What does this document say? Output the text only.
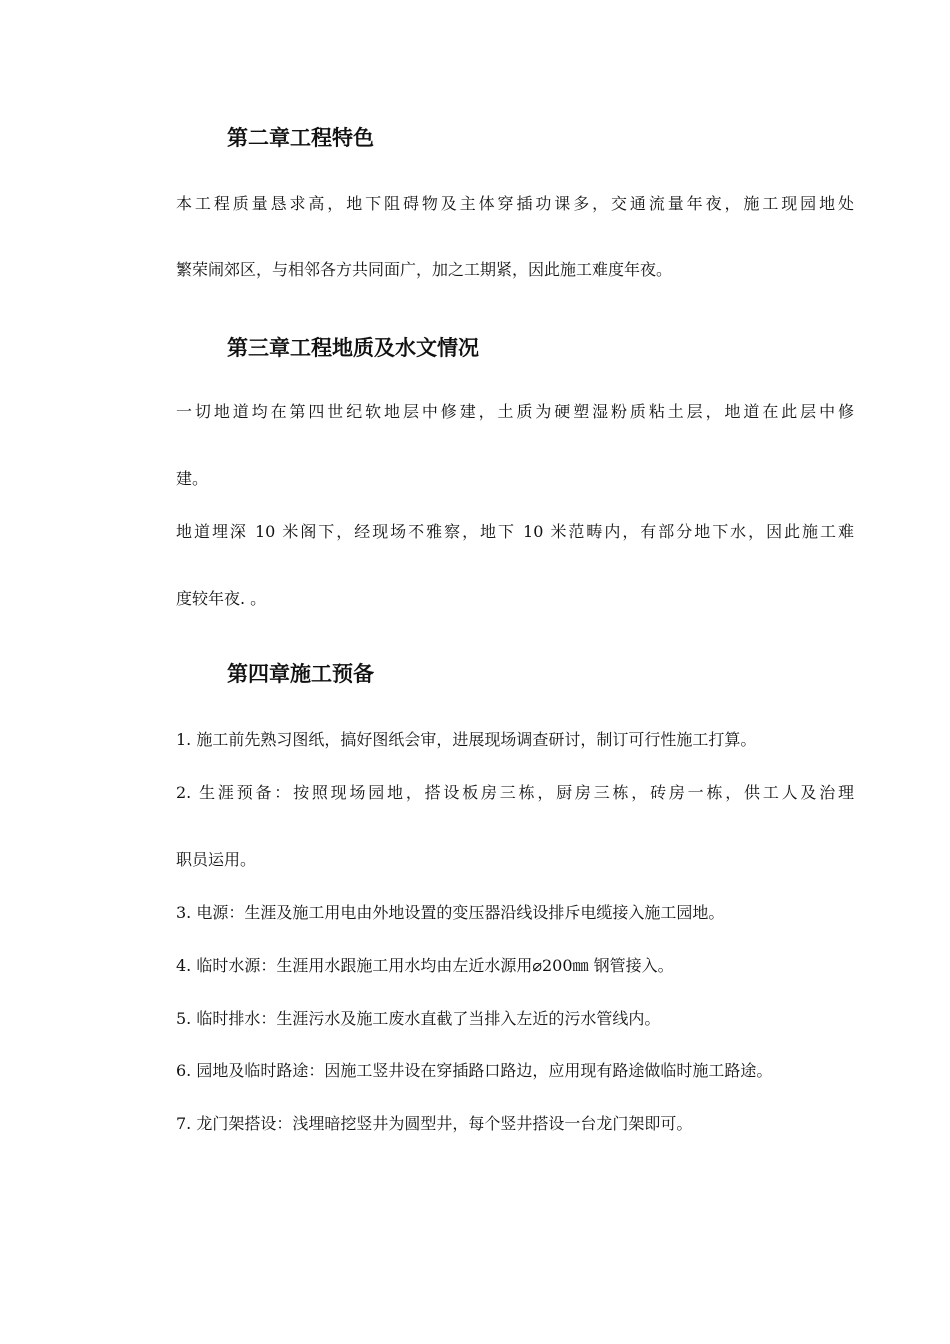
第二章工程特色

本工程质量恳求高，地下阻碍物及主体穿插功课多，交通流量年夜，施工现园地处

繁荣闹郊区，与相邻各方共同面广，加之工期紧，因此施工难度年夜。

第三章工程地质及水文情况

一切地道均在第四世纪软地层中修建，土质为硬塑湿粉质粘土层，地道在此层中修

建。

地道埋深 10 米阁下，经现场不雅察，地下 10 米范畴内，有部分地下水，因此施工难

度较年夜. 。

第四章施工预备

1. 施工前先熟习图纸，搞好图纸会审，进展现场调查研讨，制订可行性施工打算。

2. 生涯预备：按照现场园地，搭设板房三栋，厨房三栋，砖房一栋，供工人及治理

职员运用。

3. 电源：生涯及施工用电由外地设置的变压器沿线设排斥电缆接入施工园地。

4. 临时水源：生涯用水跟施工用水均由左近水源用⌀200㎜ 钢管接入。

5. 临时排水：生涯污水及施工废水直截了当排入左近的污水管线内。

6. 园地及临时路途：因施工竖井设在穿插路口路边，应用现有路途做临时施工路途。

7. 龙门架搭设：浅埋暗挖竖井为圆型井，每个竖井搭设一台龙门架即可。
